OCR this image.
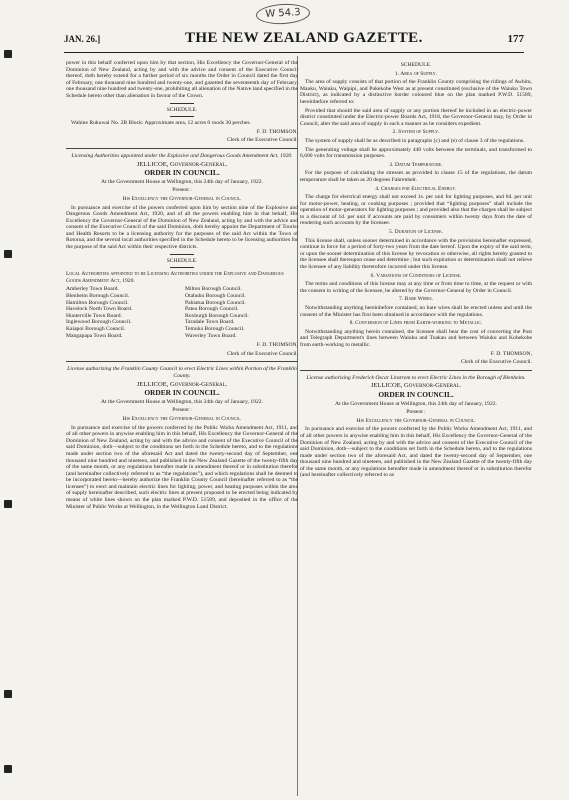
W 54.3
JAN. 26.]	THE NEW ZEALAND GAZETTE.	177

power in this behalf conferred upon him by that section, His Excellency the Governor-General of the Dominion of New Zealand, acting by and with the advice and consent of the Executive Council thereof, doth hereby extend for a further period of six months the Order in Council dated the first day of February, one thousand nine hundred and twenty-one, and gazetted the seventeenth day of February, one thousand nine hundred and twenty-one, prohibiting all alienation of the Native land specified in the Schedule hereto other than alienation in favour of the Crown.

SCHEDULE.

Wahine Rukuwai No. 2B Block: Approximate area, 12 acres 0 roods 30 perches.

F. D. THOMSON,

Clerk of the Executive Council.

Licensing Authorities appointed under the Explosive and Dangerous Goods Amendment Act, 1920.

JELLICOE, Governor-General.

ORDER IN COUNCIL.

At the Government House at Wellington, this 24th day of January, 1922.

Present :

His Excellency the Governor-General in Council.

In pursuance and exercise of the powers conferred upon him by section nine of the Explosive and Dangerous Goods Amendment Act, 1920, and of all the powers enabling him in that behalf, His Excellency the Governor-General of the Dominion of New Zealand, acting by and with the advice and consent of the Executive Council of the said Dominion, doth hereby appoint the Department of Tourist and Health Resorts to be a licensing authority for the purposes of the said Act within the Town of Rotorua, and the several local authorities specified in the Schedule hereto to be licensing authorities for the purpose of the said Act within their respective districts.

SCHEDULE.

Local Authorities appointed to be Licensing Authorities under the Explosive and Dangerous Goods Amendment Act, 1920.

Amberley Town Board.
Blenheim Borough Council.
Hamilton Borough Council.
Havelock North Town Board.
Hunterville Town Board.
Inglewood Borough Council.
Kaiapoi Borough Council.
Mangapapa Town Board.
Milton Borough Council.
Otahuhu Borough Council.
Pahiatua Borough Council.
Patea Borough Council.
Roxburgh Borough Council.
Taradale Town Board.
Temuka Borough Council.
Waverley Town Board.

F. D. THOMSON,

Clerk of the Executive Council.

License authorizing the Franklin County Council to erect Electric Lines within Portion of the Franklin County.

JELLICOE, Governor-General.

ORDER IN COUNCIL.

At the Government House at Wellington, this 24th day of January, 1922.

Present :

His Excellency the Governor-General in Council.

In pursuance and exercise of the powers conferred by the Public Works Amendment Act, 1911, and of all other powers in anywise enabling him in this behalf, His Excellency the Governor-General of the Dominion of New Zealand, acting by and with the advice and consent of the Executive Council of the said Dominion, doth—subject to the conditions set forth in the Schedule hereto, and to the regulations made under section two of the aforesaid Act and dated the twenty-second day of September, one thousand nine hundred and nineteen, and published in the New Zealand Gazette of the twenty-fifth day of the same month, or any regulations hereafter made in amendment thereof or in substitution therefor (and hereinafter collectively referred to as “the regulations”), and which regulations shall be deemed to be incorporated herein—hereby authorize the Franklin County Council (hereinafter referred to as “the licensee”) to erect and maintain electric lines for lighting, power, and heating purposes within the area of supply hereinafter described, such electric lines at present proposed to be erected being indicated by means of white lines shown on the plan marked P.W.D. 51589, and deposited in the office of the Minister of Public Works at Wellington, in the Wellington Land District.

SCHEDULE.

1. Area of Supply.

The area of supply consists of that portion of the Franklin County comprising the ridings of Awhitu, Mauku, Waiuku, Waipipi, and Pukekohe West as at present constituted (exclusive of the Waiuku Town District), as indicated by a distinctive border coloured blue on the plan marked P.W.D. 51589, hereinbefore referred to:

Provided that should the said area of supply or any portion thereof be included in an electric-power district constituted under the Electric-power Boards Act, 1918, the Governor-General may, by Order in Council, alter the said area of supply in such a manner as he considers expedient.

2. System of Supply.

The system of supply shall be as described in paragraphs (c) and (e) of clause 3 of the regulations.

The generating voltage shall be approximately 440 volts between the terminals, and transformed to 6,600 volts for transmission purposes.

3. Datum Temperature.

For the purpose of calculating the stresses as provided in clause 15 of the regulations, the datum temperature shall be taken as 20 degrees Fahrenheit.

4. Charges for Electrical Energy.

The charge for electrical energy shall not exceed 1s. per unit for lighting purposes, and 6d. per unit for motor-power, heating, or cooking purposes ; provided that “lighting purposes” shall include the operation of motor-generators for lighting purposes ; and provided also that the charges shall be subject to a discount of 1d. per unit if accounts are paid by consumers within twenty days from the date of rendering such accounts by the licensee.

5. Duration of License.

This license shall, unless sooner determined in accordance with the provisions hereinafter expressed, continue in force for a period of forty-two years from the date hereof. Upon the expiry of the said term, or upon the sooner determination of this license by revocation or otherwise, all rights hereby granted to the licensee shall thereupon cease and determine ; but such expiration or determination shall not relieve the licensee of any liability theretofore incurred under this license.

6. Variations of Conditions of License.

The terms and conditions of this license may at any time or from time to time, at the request or with the consent in writing of the licensee, be altered by the Governor-General by Order in Council.

7. Bare Wires.

Notwithstanding anything hereinbefore contained, no bare wires shall be erected unless and until the consent of the Minister has first been obtained in accordance with the regulations.

8. Conversion of Lines from Earth-working to Metallic.

Notwithstanding anything herein contained, the licensee shall bear the cost of converting the Post and Telegraph Department's lines between Waiuku and Tuakau and between Waiuku and Kohekohe from earth-working to metallic.

F. D. THOMSON,

Clerk of the Executive Council.

License authorizing Frederick Oscar Linstrom to erect Electric Lines in the Borough of Blenheim.

JELLICOE, Governor-General.

ORDER IN COUNCIL.

At the Government House at Wellington, this 24th day of January, 1922.

Present :

His Excellency the Governor-General in Council.

In pursuance and exercise of the powers conferred by the Public Works Amendment Act, 1911, and of all other powers in anywise enabling him in this behalf, His Excellency the Governor-General of the Dominion of New Zealand, acting by and with the advice and consent of the Executive Council of the said Dominion, doth—subject to the conditions set forth in the Schedule hereto, and to the regulations made under section two of the aforesaid Act, and dated the twenty-second day of September, one thousand nine hundred and nineteen, and published in the New Zealand Gazette of the twenty-fifth day of the same month, or any regulations hereafter made in amendment thereof or in substitution therefor (and hereinafter collectively referred to as
